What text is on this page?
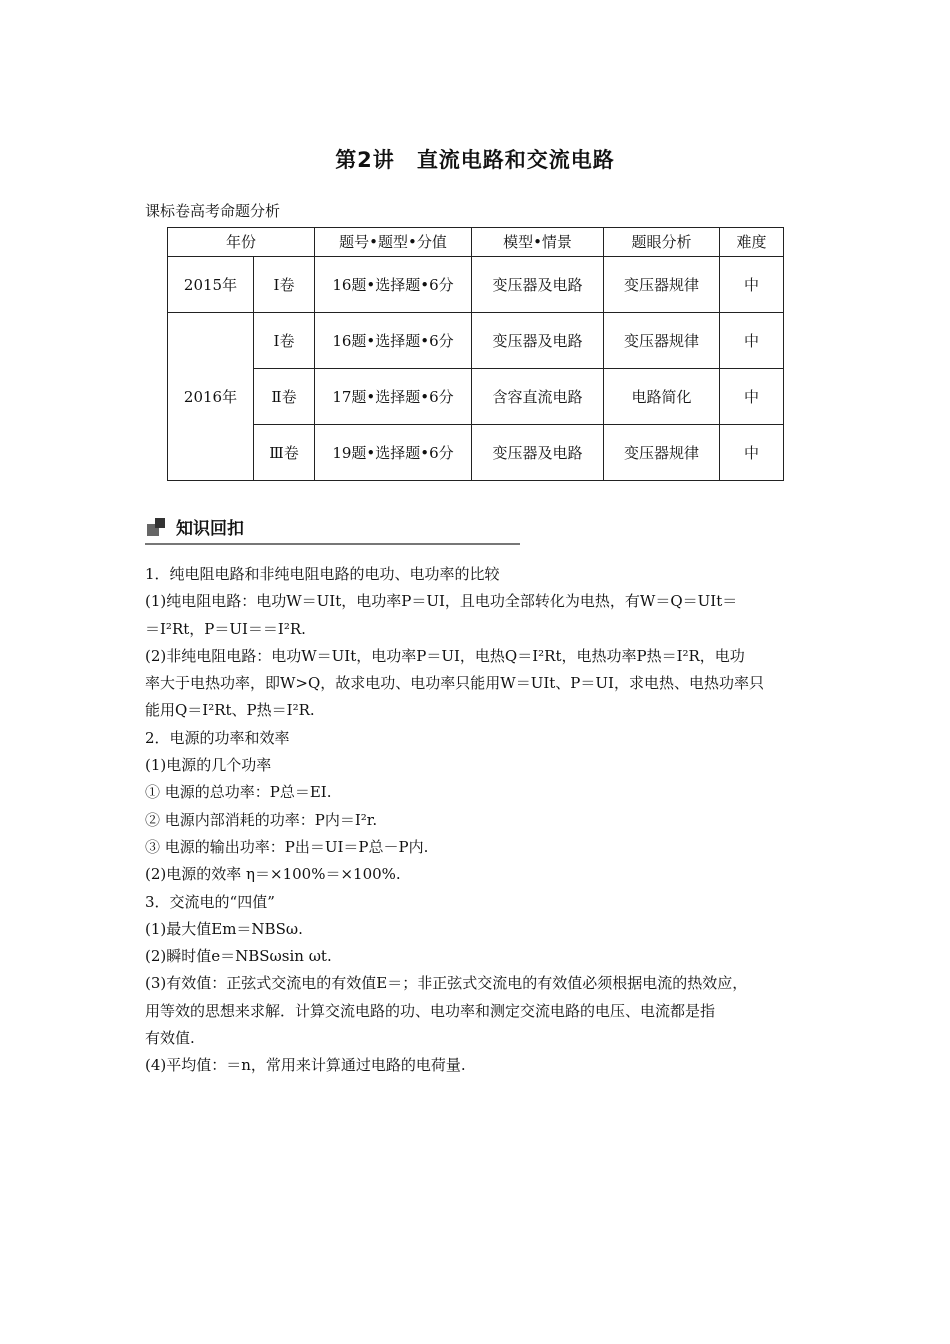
第2讲 直流电路和交流电路
课标卷高考命题分析
年份		题号•题型•分值	模型•情景	题眼分析	难度
2015年	Ⅰ卷	16题•选择题•6分	变压器及电路	变压器规律	中
2016年	Ⅰ卷	16题•选择题•6分	变压器及电路	变压器规律	中
	Ⅱ卷	17题•选择题•6分	含容直流电路	电路简化	中
	Ⅲ卷	19题•选择题•6分	变压器及电路	变压器规律	中
知识回扣

1．纯电阻电路和非纯电阻电路的电功、电功率的比较

(1)纯电阻电路：电功W＝UIt，电功率P＝UI，且电功全部转化为电热，有W＝Q＝UIt＝

＝I²Rt，P＝UI＝＝I²R.

(2)非纯电阻电路：电功W＝UIt，电功率P＝UI，电热Q＝I²Rt，电热功率P热＝I²R，电功

率大于电热功率，即W>Q，故求电功、电功率只能用W＝UIt、P＝UI，求电热、电热功率只

能用Q＝I²Rt、P热＝I²R.

2．电源的功率和效率

(1)电源的几个功率

① 电源的总功率：P总＝EI.

② 电源内部消耗的功率：P内＝I²r.

③ 电源的输出功率：P出＝UI＝P总－P内.

(2)电源的效率 η＝×100%＝×100%.

3．交流电的“四值”

(1)最大值Em＝NBSω.

(2)瞬时值e＝NBSωsin ωt.

(3)有效值：正弦式交流电的有效值E＝；非正弦式交流电的有效值必须根据电流的热效应，

用等效的思想来求解．计算交流电路的功、电功率和测定交流电路的电压、电流都是指

有效值.

(4)平均值：＝n，常用来计算通过电路的电荷量.
